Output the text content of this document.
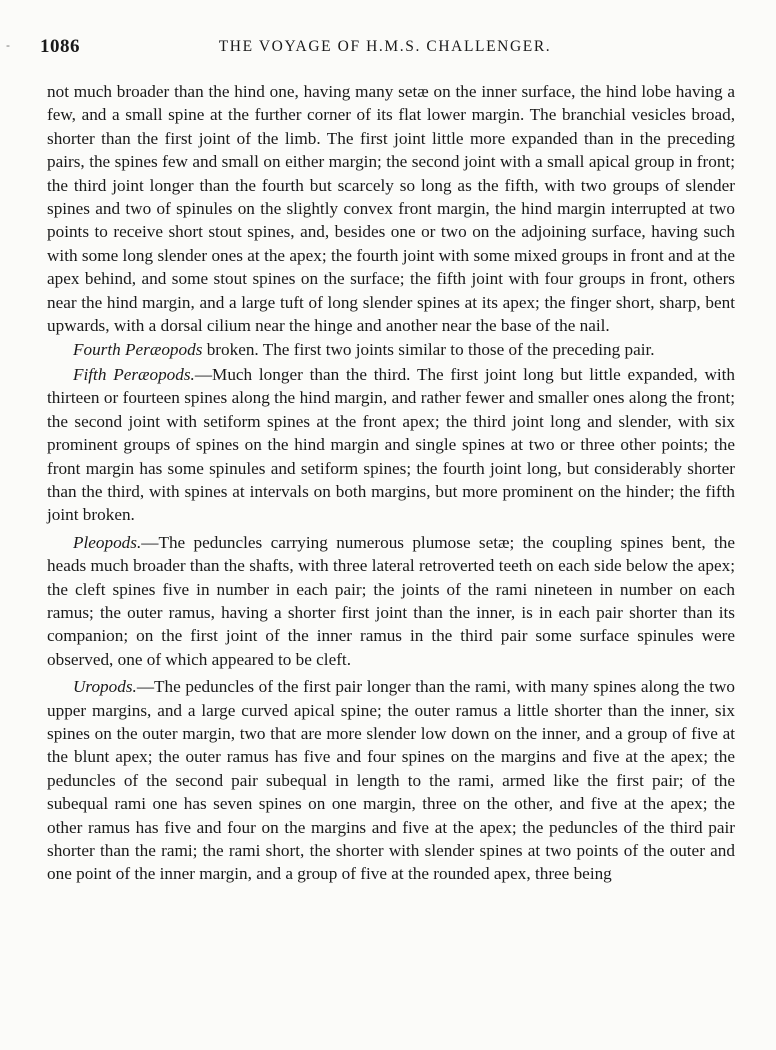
- 1086	THE VOYAGE OF H.M.S. CHALLENGER.

not much broader than the hind one, having many setæ on the inner surface, the hind lobe having a few, and a small spine at the further corner of its flat lower margin. The branchial vesicles broad, shorter than the first joint of the limb. The first joint little more expanded than in the preceding pairs, the spines few and small on either margin; the second joint with a small apical group in front; the third joint longer than the fourth but scarcely so long as the fifth, with two groups of slender spines and two of spinules on the slightly convex front margin, the hind margin interrupted at two points to receive short stout spines, and, besides one or two on the adjoining surface, having such with some long slender ones at the apex; the fourth joint with some mixed groups in front and at the apex behind, and some stout spines on the surface; the fifth joint with four groups in front, others near the hind margin, and a large tuft of long slender spines at its apex; the finger short, sharp, bent upwards, with a dorsal cilium near the hinge and another near the base of the nail.

Fourth Peræopods broken. The first two joints similar to those of the preceding pair.

Fifth Peræopods.—Much longer than the third. The first joint long but little expanded, with thirteen or fourteen spines along the hind margin, and rather fewer and smaller ones along the front; the second joint with setiform spines at the front apex; the third joint long and slender, with six prominent groups of spines on the hind margin and single spines at two or three other points; the front margin has some spinules and setiform spines; the fourth joint long, but considerably shorter than the third, with spines at intervals on both margins, but more prominent on the hinder; the fifth joint broken.

Pleopods.—The peduncles carrying numerous plumose setæ; the coupling spines bent, the heads much broader than the shafts, with three lateral retroverted teeth on each side below the apex; the cleft spines five in number in each pair; the joints of the rami nineteen in number on each ramus; the outer ramus, having a shorter first joint than the inner, is in each pair shorter than its companion; on the first joint of the inner ramus in the third pair some surface spinules were observed, one of which appeared to be cleft.

Uropods.—The peduncles of the first pair longer than the rami, with many spines along the two upper margins, and a large curved apical spine; the outer ramus a little shorter than the inner, six spines on the outer margin, two that are more slender low down on the inner, and a group of five at the blunt apex; the outer ramus has five and four spines on the margins and five at the apex; the peduncles of the second pair subequal in length to the rami, armed like the first pair; of the subequal rami one has seven spines on one margin, three on the other, and five at the apex; the other ramus has five and four on the margins and five at the apex; the peduncles of the third pair shorter than the rami; the rami short, the shorter with slender spines at two points of the outer and one point of the inner margin, and a group of five at the rounded apex, three being
